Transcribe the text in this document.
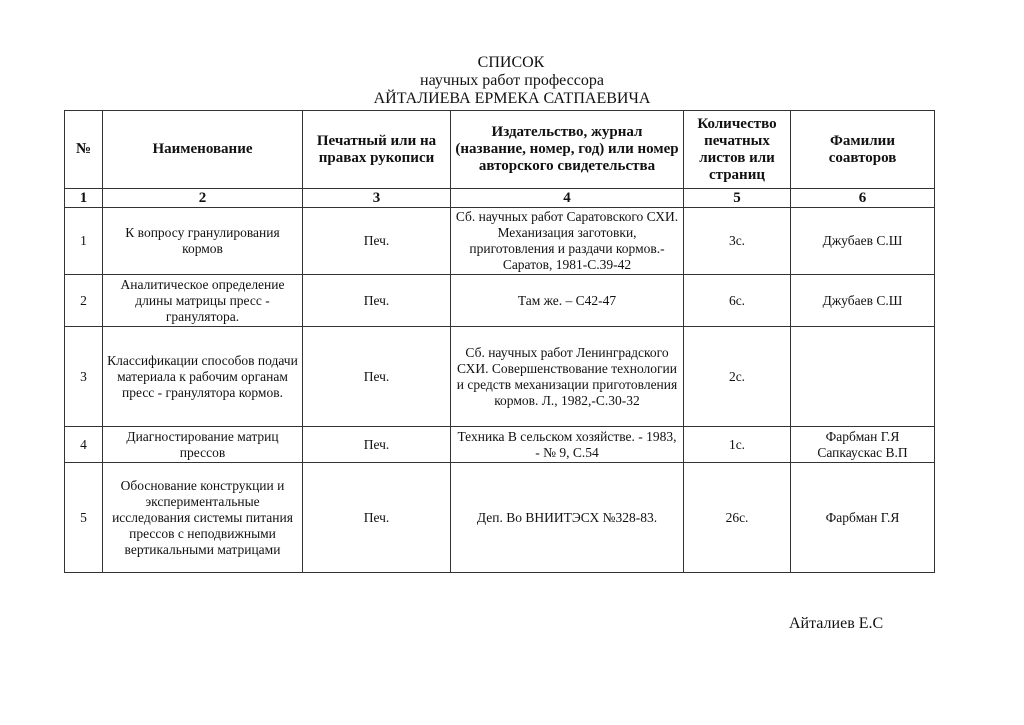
СПИСОК
научных работ профессора
АЙТАЛИЕВА ЕРМЕКА САТПАЕВИЧА
№	Наименование	Печатный или на правах рукописи	Издательство, журнал (название, номер, год) или номер авторского свидетельства	Количество печатных листов или страниц	Фамилии соавторов
1	2	3	4	5	6
1	К вопросу гранулирования кормов	Печ.	Сб. научных работ Саратовского СХИ. Механизация заготовки, приготовления и раздачи кормов.-Саратов, 1981-С.39-42	3с.	Джубаев С.Ш

2	Аналитическое определение длины матрицы пресс - гранулятора.	Печ.	Там же. – С42-47	6с.	Джубаев С.Ш

3	Классификации способов подачи материала к рабочим органам пресс - гранулятора кормов.	Печ.	Сб. научных работ Ленинградского СХИ. Совершенствование технологии и средств механизации приготовления кормов. Л., 1982,-С.30-32	2с.	

4	Диагностирование матриц прессов	Печ.	Техника В сельском хозяйстве. - 1983, - № 9, С.54	1с.	Фарбман Г.Я
Сапкаускас В.П

5	Обоснование конструкции и экспериментальные исследования системы питания прессов с неподвижными вертикальными матрицами	Печ.	Деп. Во ВНИИТЭСХ №328-83.	26с.	Фарбман Г.Я
Айталиев Е.С
